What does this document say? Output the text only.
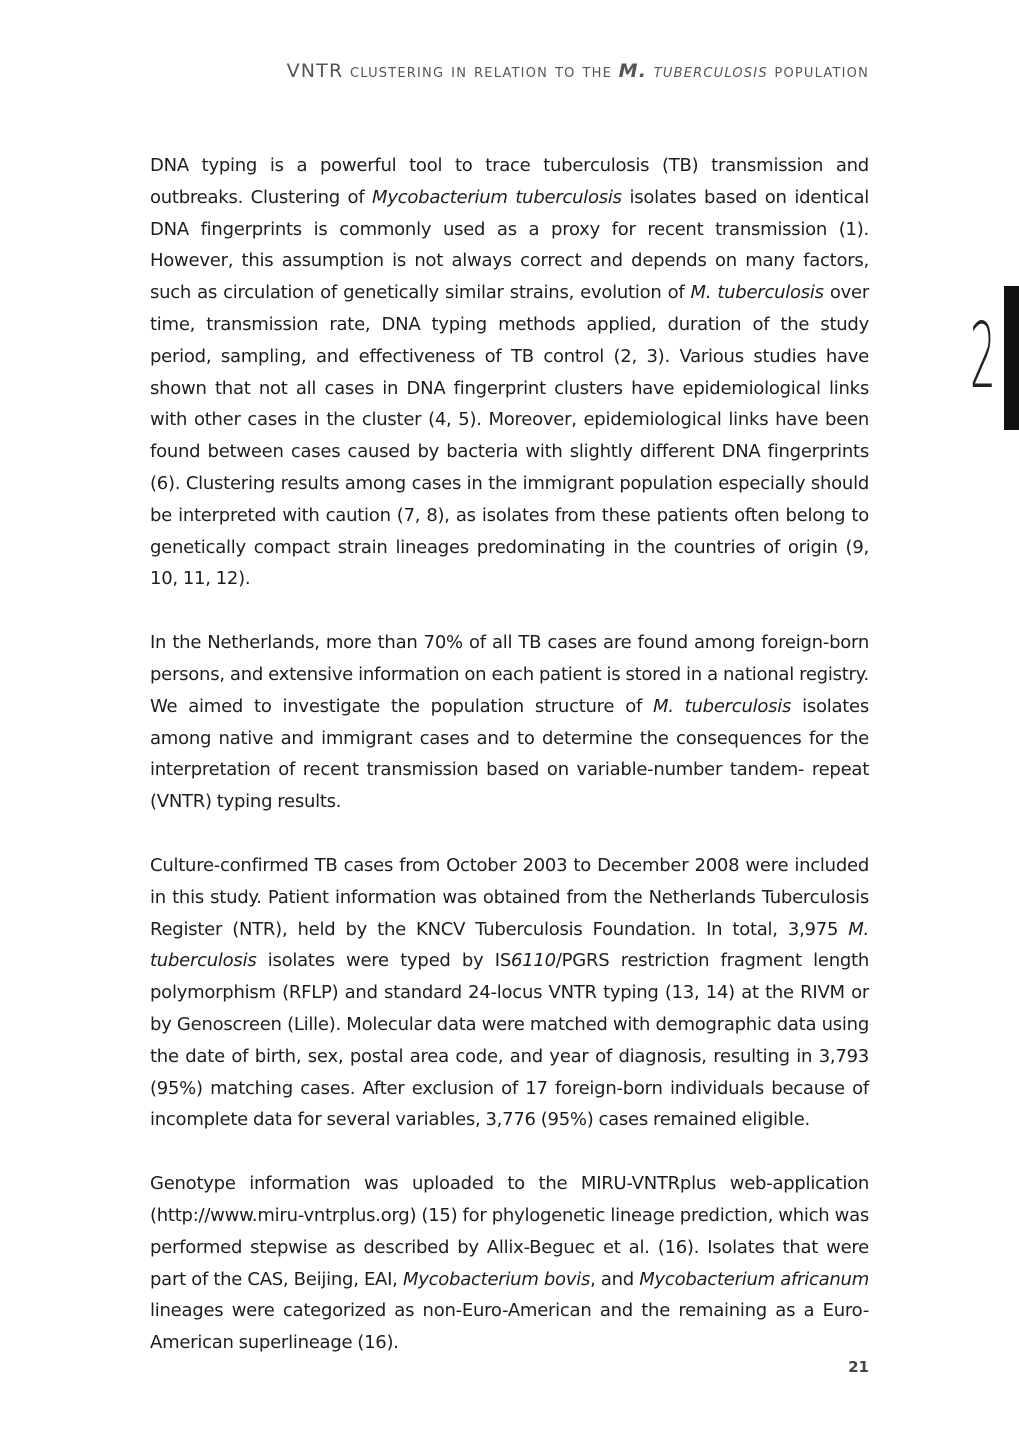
VNTR clustering in relation to the M. tuberculosis population
2

DNA typing is a powerful tool to trace tuberculosis (TB) transmission and outbreaks. Clustering of Mycobacterium tuberculosis isolates based on identical DNA fingerprints is commonly used as a proxy for recent transmission (1). However, this assumption is not always correct and depends on many factors, such as circulation of genetically similar strains, evolution of M. tuberculosis over time, transmission rate, DNA typing methods applied, duration of the study period, sampling, and effectiveness of TB control (2, 3). Various studies have shown that not all cases in DNA fingerprint clusters have epidemiological links with other cases in the cluster (4, 5). Moreover, epidemiological links have been found between cases caused by bacteria with slightly different DNA fingerprints (6). Clustering results among cases in the immigrant population especially should be interpreted with caution (7, 8), as isolates from these patients often belong to genetically compact strain lineages predominating in the countries of origin (9, 10, 11, 12).

In the Netherlands, more than 70% of all TB cases are found among foreign-born persons, and extensive information on each patient is stored in a national registry. We aimed to investigate the population structure of M. tuberculosis isolates among native and immigrant cases and to determine the consequences for the interpretation of recent transmission based on variable-number tandem- repeat (VNTR) typing results.

Culture-confirmed TB cases from October 2003 to December 2008 were included in this study. Patient information was obtained from the Netherlands Tuberculosis Register (NTR), held by the KNCV Tuberculosis Foundation. In total, 3,975 M. tuberculosis isolates were typed by IS6110/PGRS restriction fragment length polymorphism (RFLP) and standard 24-locus VNTR typing (13, 14) at the RIVM or by Genoscreen (Lille). Molecular data were matched with demographic data using the date of birth, sex, postal area code, and year of diagnosis, resulting in 3,793 (95%) matching cases. After exclusion of 17 foreign-born individuals because of incomplete data for several variables, 3,776 (95%) cases remained eligible.

Genotype information was uploaded to the MIRU-VNTRplus web-application (http://www.miru-vntrplus.org) (15) for phylogenetic lineage prediction, which was performed stepwise as described by Allix-Beguec et al. (16). Isolates that were part of the CAS, Beijing, EAI, Mycobacterium bovis, and Mycobacterium africanum lineages were categorized as non-Euro-American and the remaining as a Euro-American superlineage (16).

21
